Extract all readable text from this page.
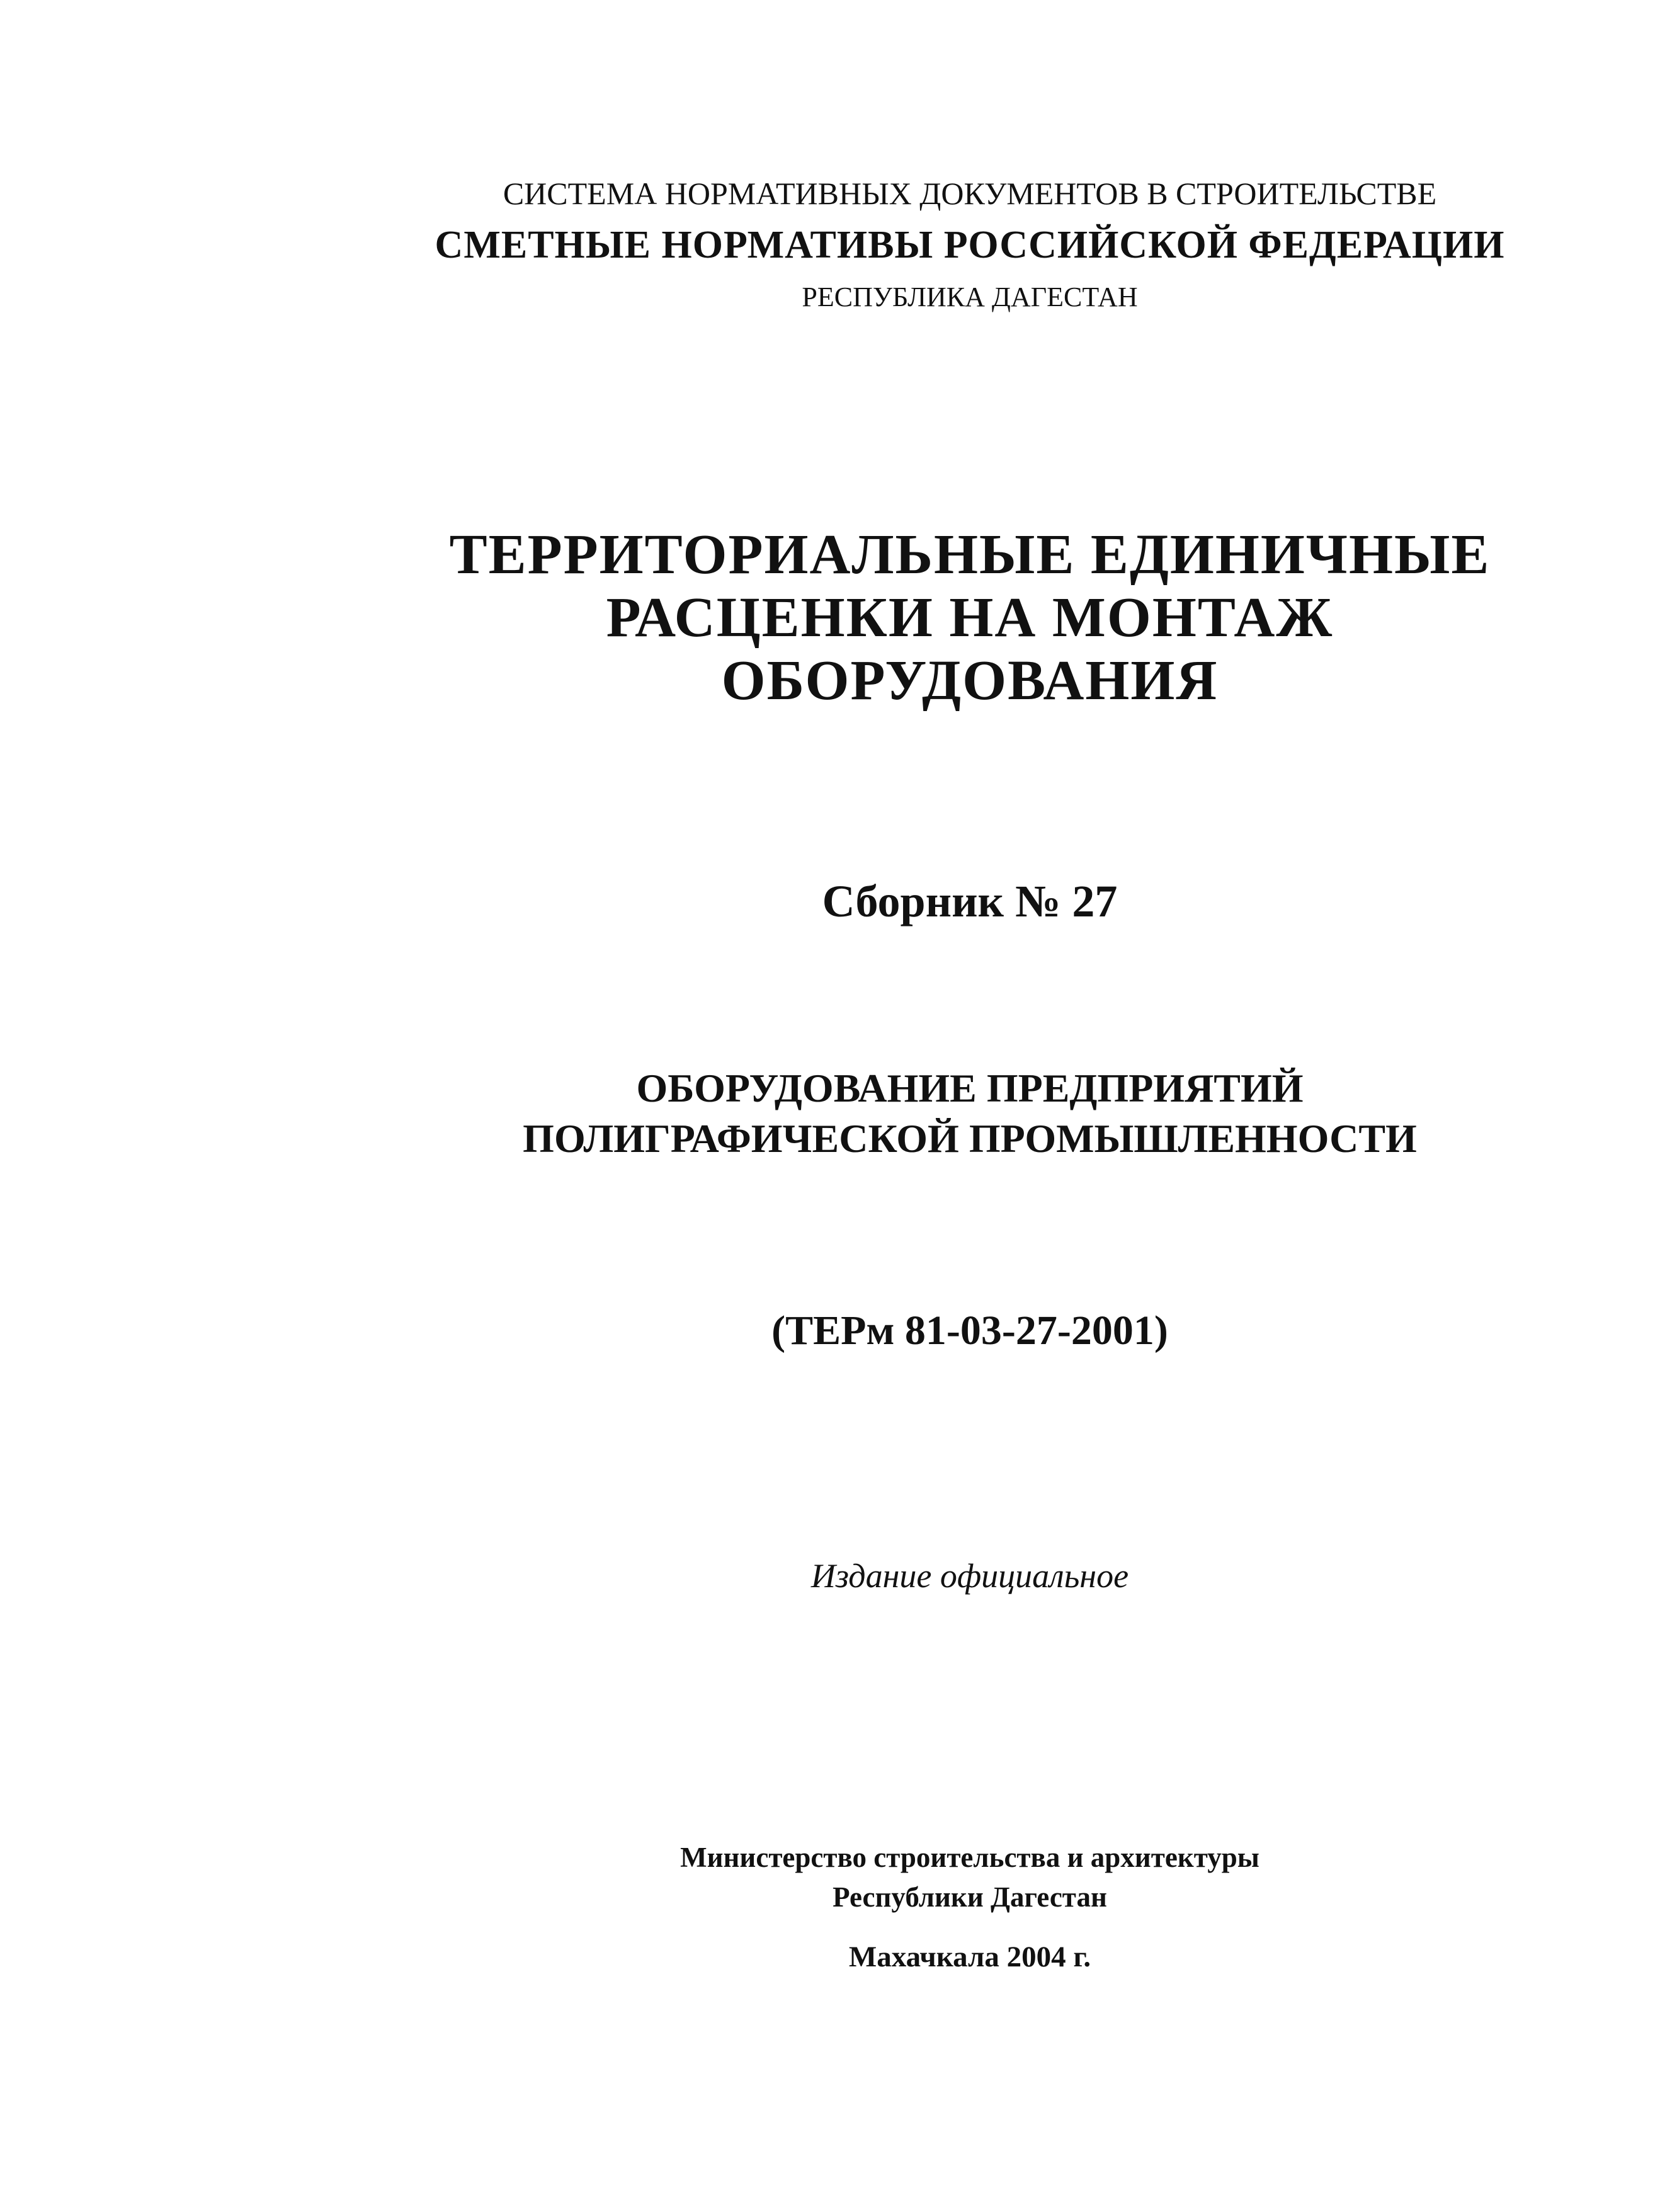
СИСТЕМА НОРМАТИВНЫХ ДОКУМЕНТОВ В СТРОИТЕЛЬСТВЕ

СМЕТНЫЕ НОРМАТИВЫ РОССИЙСКОЙ ФЕДЕРАЦИИ

РЕСПУБЛИКА ДАГЕСТАН

ТЕРРИТОРИАЛЬНЫЕ ЕДИНИЧНЫЕ

РАСЦЕНКИ НА МОНТАЖ

ОБОРУДОВАНИЯ

Сборник № 27

ОБОРУДОВАНИЕ ПРЕДПРИЯТИЙ

ПОЛИГРАФИЧЕСКОЙ ПРОМЫШЛЕННОСТИ

(ТЕРм 81-03-27-2001)

Издание официальное

Министерство строительства и архитектуры

Республики Дагестан

Махачкала 2004 г.
